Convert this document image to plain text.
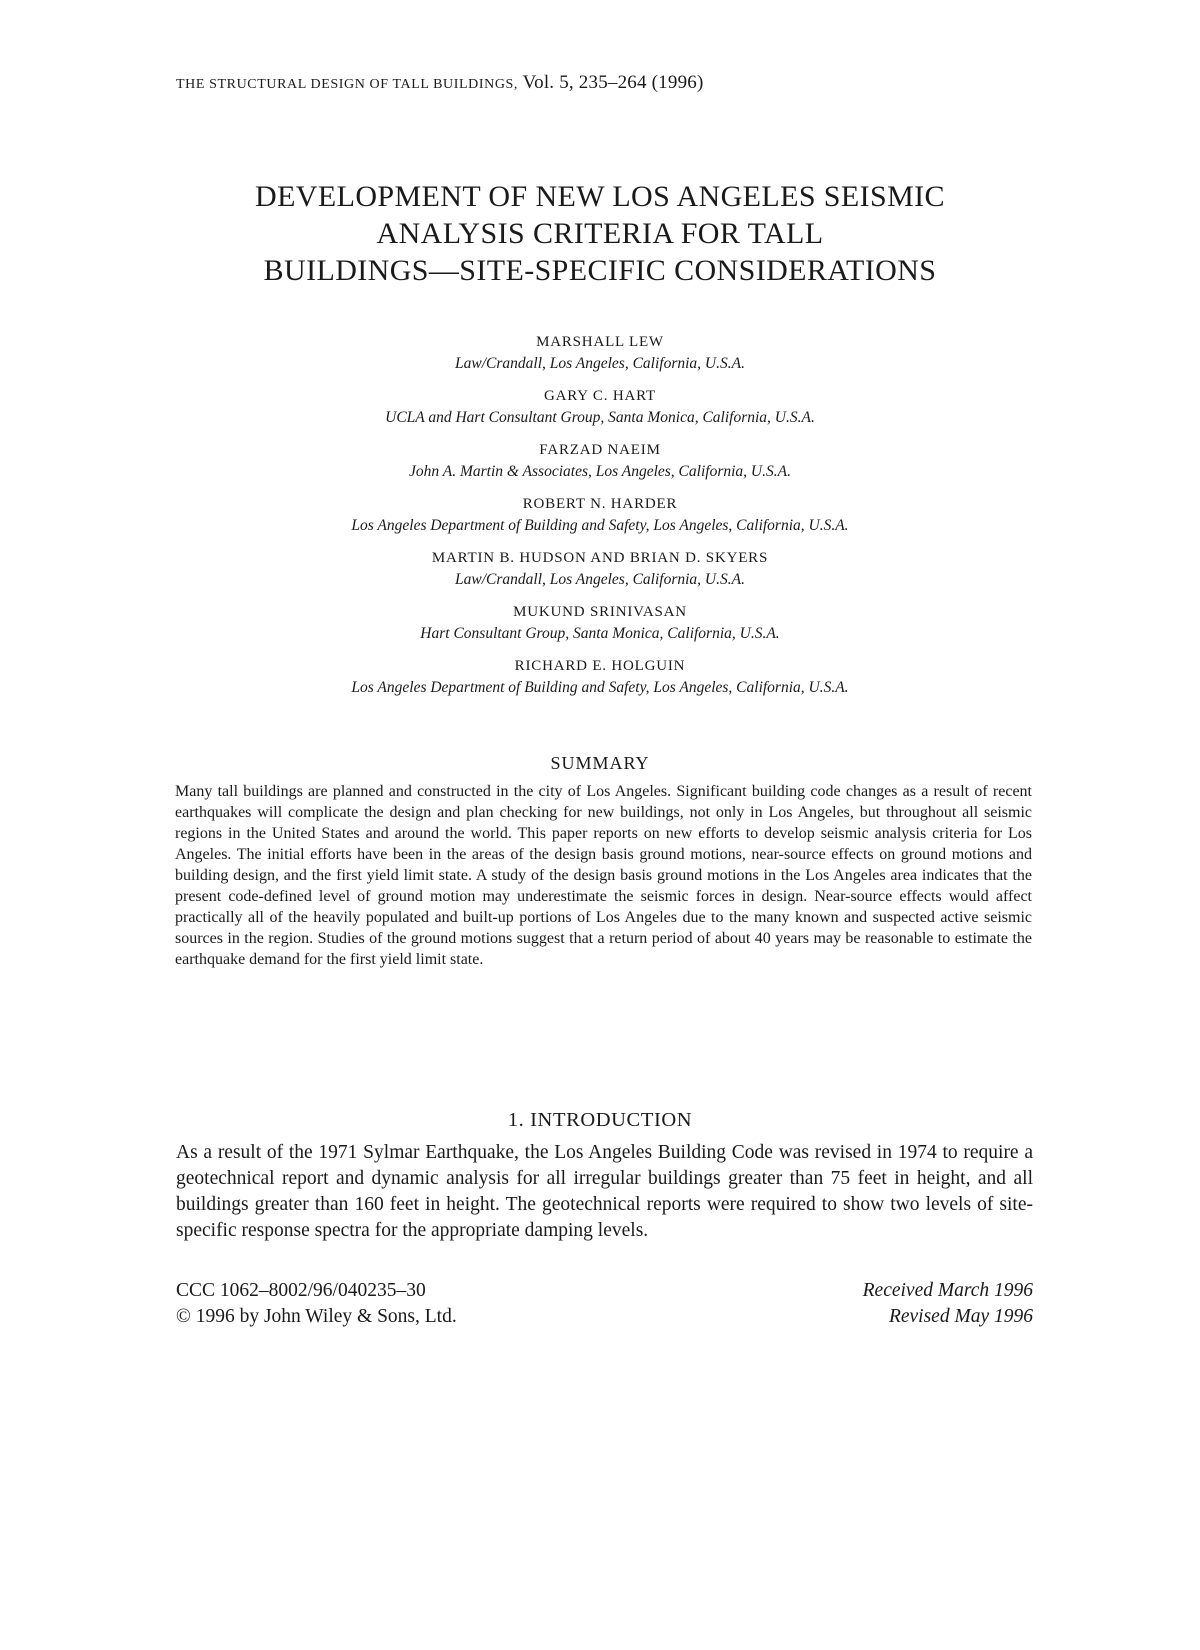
THE STRUCTURAL DESIGN OF TALL BUILDINGS, Vol. 5, 235–264 (1996)
DEVELOPMENT OF NEW LOS ANGELES SEISMIC
ANALYSIS CRITERIA FOR TALL
BUILDINGS—SITE-SPECIFIC CONSIDERATIONS
MARSHALL LEW
Law/Crandall, Los Angeles, California, U.S.A.
GARY C. HART
UCLA and Hart Consultant Group, Santa Monica, California, U.S.A.
FARZAD NAEIM
John A. Martin & Associates, Los Angeles, California, U.S.A.
ROBERT N. HARDER
Los Angeles Department of Building and Safety, Los Angeles, California, U.S.A.
MARTIN B. HUDSON AND BRIAN D. SKYERS
Law/Crandall, Los Angeles, California, U.S.A.
MUKUND SRINIVASAN
Hart Consultant Group, Santa Monica, California, U.S.A.
RICHARD E. HOLGUIN
Los Angeles Department of Building and Safety, Los Angeles, California, U.S.A.
SUMMARY
Many tall buildings are planned and constructed in the city of Los Angeles. Significant building code changes as a result of recent earthquakes will complicate the design and plan checking for new buildings, not only in Los Angeles, but throughout all seismic regions in the United States and around the world. This paper reports on new efforts to develop seismic analysis criteria for Los Angeles. The initial efforts have been in the areas of the design basis ground motions, near-source effects on ground motions and building design, and the first yield limit state. A study of the design basis ground motions in the Los Angeles area indicates that the present code-defined level of ground motion may underestimate the seismic forces in design. Near-source effects would affect practically all of the heavily populated and built-up portions of Los Angeles due to the many known and suspected active seismic sources in the region. Studies of the ground motions suggest that a return period of about 40 years may be reasonable to estimate the earthquake demand for the first yield limit state.
1. INTRODUCTION
As a result of the 1971 Sylmar Earthquake, the Los Angeles Building Code was revised in 1974 to require a geotechnical report and dynamic analysis for all irregular buildings greater than 75 feet in height, and all buildings greater than 160 feet in height. The geotechnical reports were required to show two levels of site-specific response spectra for the appropriate damping levels.
CCC 1062–8002/96/040235–30
© 1996 by John Wiley & Sons, Ltd.
Received March 1996
Revised May 1996
